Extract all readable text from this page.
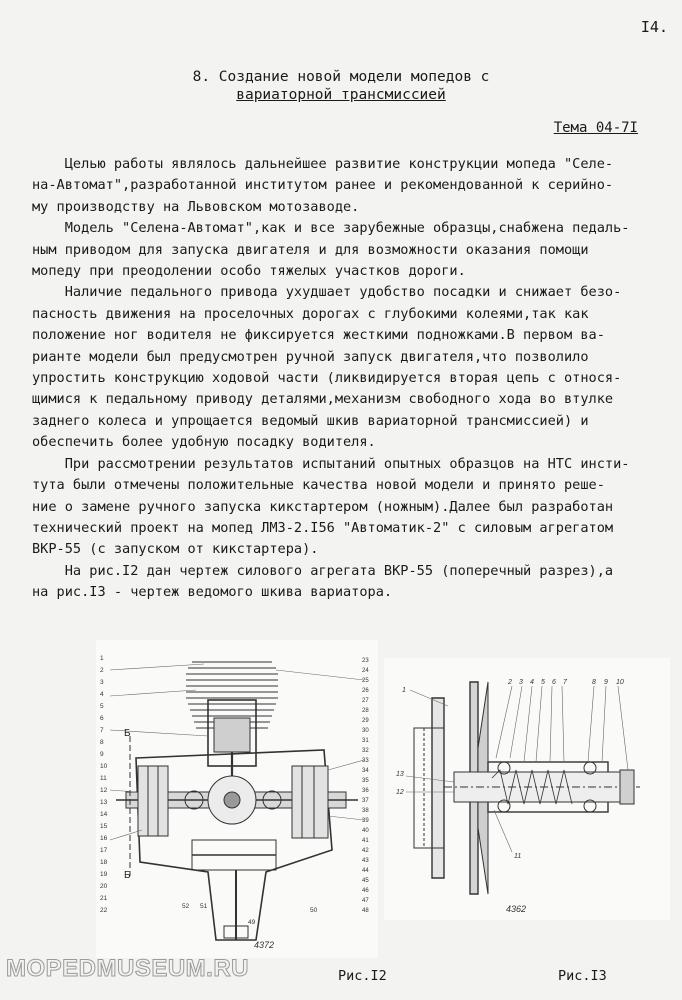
I4.
8. Создание новой модели мопедов с
вариаторной трансмиссией
Тема 04-7I

Целью работы являлось дальнейшее развитие конструкции мопеда "Селе-

на-Автомат",разработанной институтом ранее и рекомендованной к серийно-

му производству на Львовском мотозаводе.

Модель "Селена-Автомат",как и все зарубежные образцы,снабжена педаль-

ным приводом для запуска двигателя и для возможности оказания помощи

мопеду при преодолении особо тяжелых участков дороги.

Наличие педального привода ухудшает удобство посадки и снижает безо-

пасность движения на проселочных дорогах с глубокими колеями,так как

положение ног водителя не фиксируется жесткими подножками.В первом ва-

рианте модели был предусмотрен ручной запуск двигателя,что позволило

упростить конструкцию ходовой части (ликвидируется вторая цепь с относя-

щимися к педальному приводу деталями,механизм свободного хода во втулке

заднего колеса и упрощается ведомый шкив вариаторной трансмиссией) и

обеспечить более удобную посадку водителя.

При рассмотрении результатов испытаний опытных образцов на НТС инсти-

тута были отмечены положительные качества новой модели и принято реше-

ние о замене ручного запуска кикстартером (ножным).Далее был разработан

технический проект на мопед ЛМЗ-2.I56 "Автоматик-2" с силовым агрегатом

ВКР-55 (с запуском от кикстартера).

На рис.I2 дан чертеж силового агрегата ВКР-55 (поперечный разрез),а

на рис.I3 - чертеж ведомого шкива вариатора.

Б
Б
1
2
3
4
5
6
7
8
9
10
11
12
13
14
15
16
17
18
19
20
21
22
23
24
25
26
27
28
29
30
31
32
33
34
35
36
37
38
39
40
41
42
43
44
45
46
47
48
52 51
49
50
4372
1
2 3 4 5 6 7	8 9 10
13
12
11
4362
Рис.I2	Рис.I3
MOPEDMUSEUM.RU
